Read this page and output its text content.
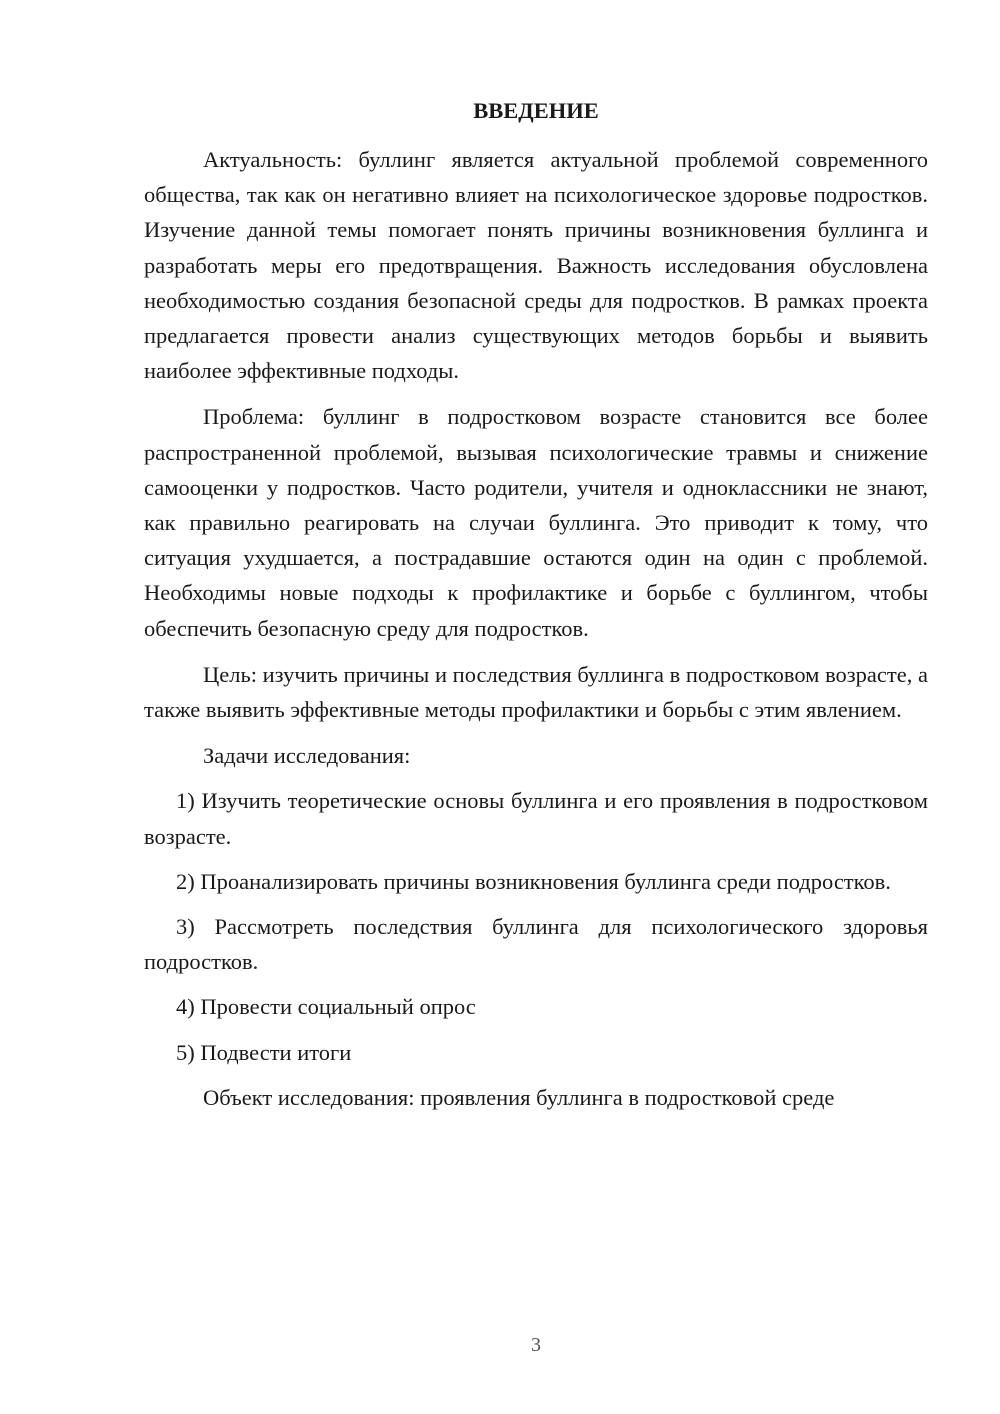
ВВЕДЕНИЕ

Актуальность: буллинг является актуальной проблемой современного общества, так как он негативно влияет на психологическое здоровье подростков. Изучение данной темы помогает понять причины возникновения буллинга и разработать меры его предотвращения. Важность исследования обусловлена необходимостью создания безопасной среды для подростков. В рамках проекта предлагается провести анализ существующих методов борьбы и выявить наиболее эффективные подходы.

Проблема: буллинг в подростковом возрасте становится все более распространенной проблемой, вызывая психологические травмы и снижение самооценки у подростков. Часто родители, учителя и одноклассники не знают, как правильно реагировать на случаи буллинга. Это приводит к тому, что ситуация ухудшается, а пострадавшие остаются один на один с проблемой. Необходимы новые подходы к профилактике и борьбе с буллингом, чтобы обеспечить безопасную среду для подростков.

Цель: изучить причины и последствия буллинга в подростковом возрасте, а также выявить эффективные методы профилактики и борьбы с этим явлением.

Задачи исследования:

1) Изучить теоретические основы буллинга и его проявления в подростковом возрасте.

2) Проанализировать причины возникновения буллинга среди подростков.

3) Рассмотреть последствия буллинга для психологического здоровья подростков.

4) Провести социальный опрос

5) Подвести итоги

Объект исследования: проявления буллинга в подростковой среде

3
